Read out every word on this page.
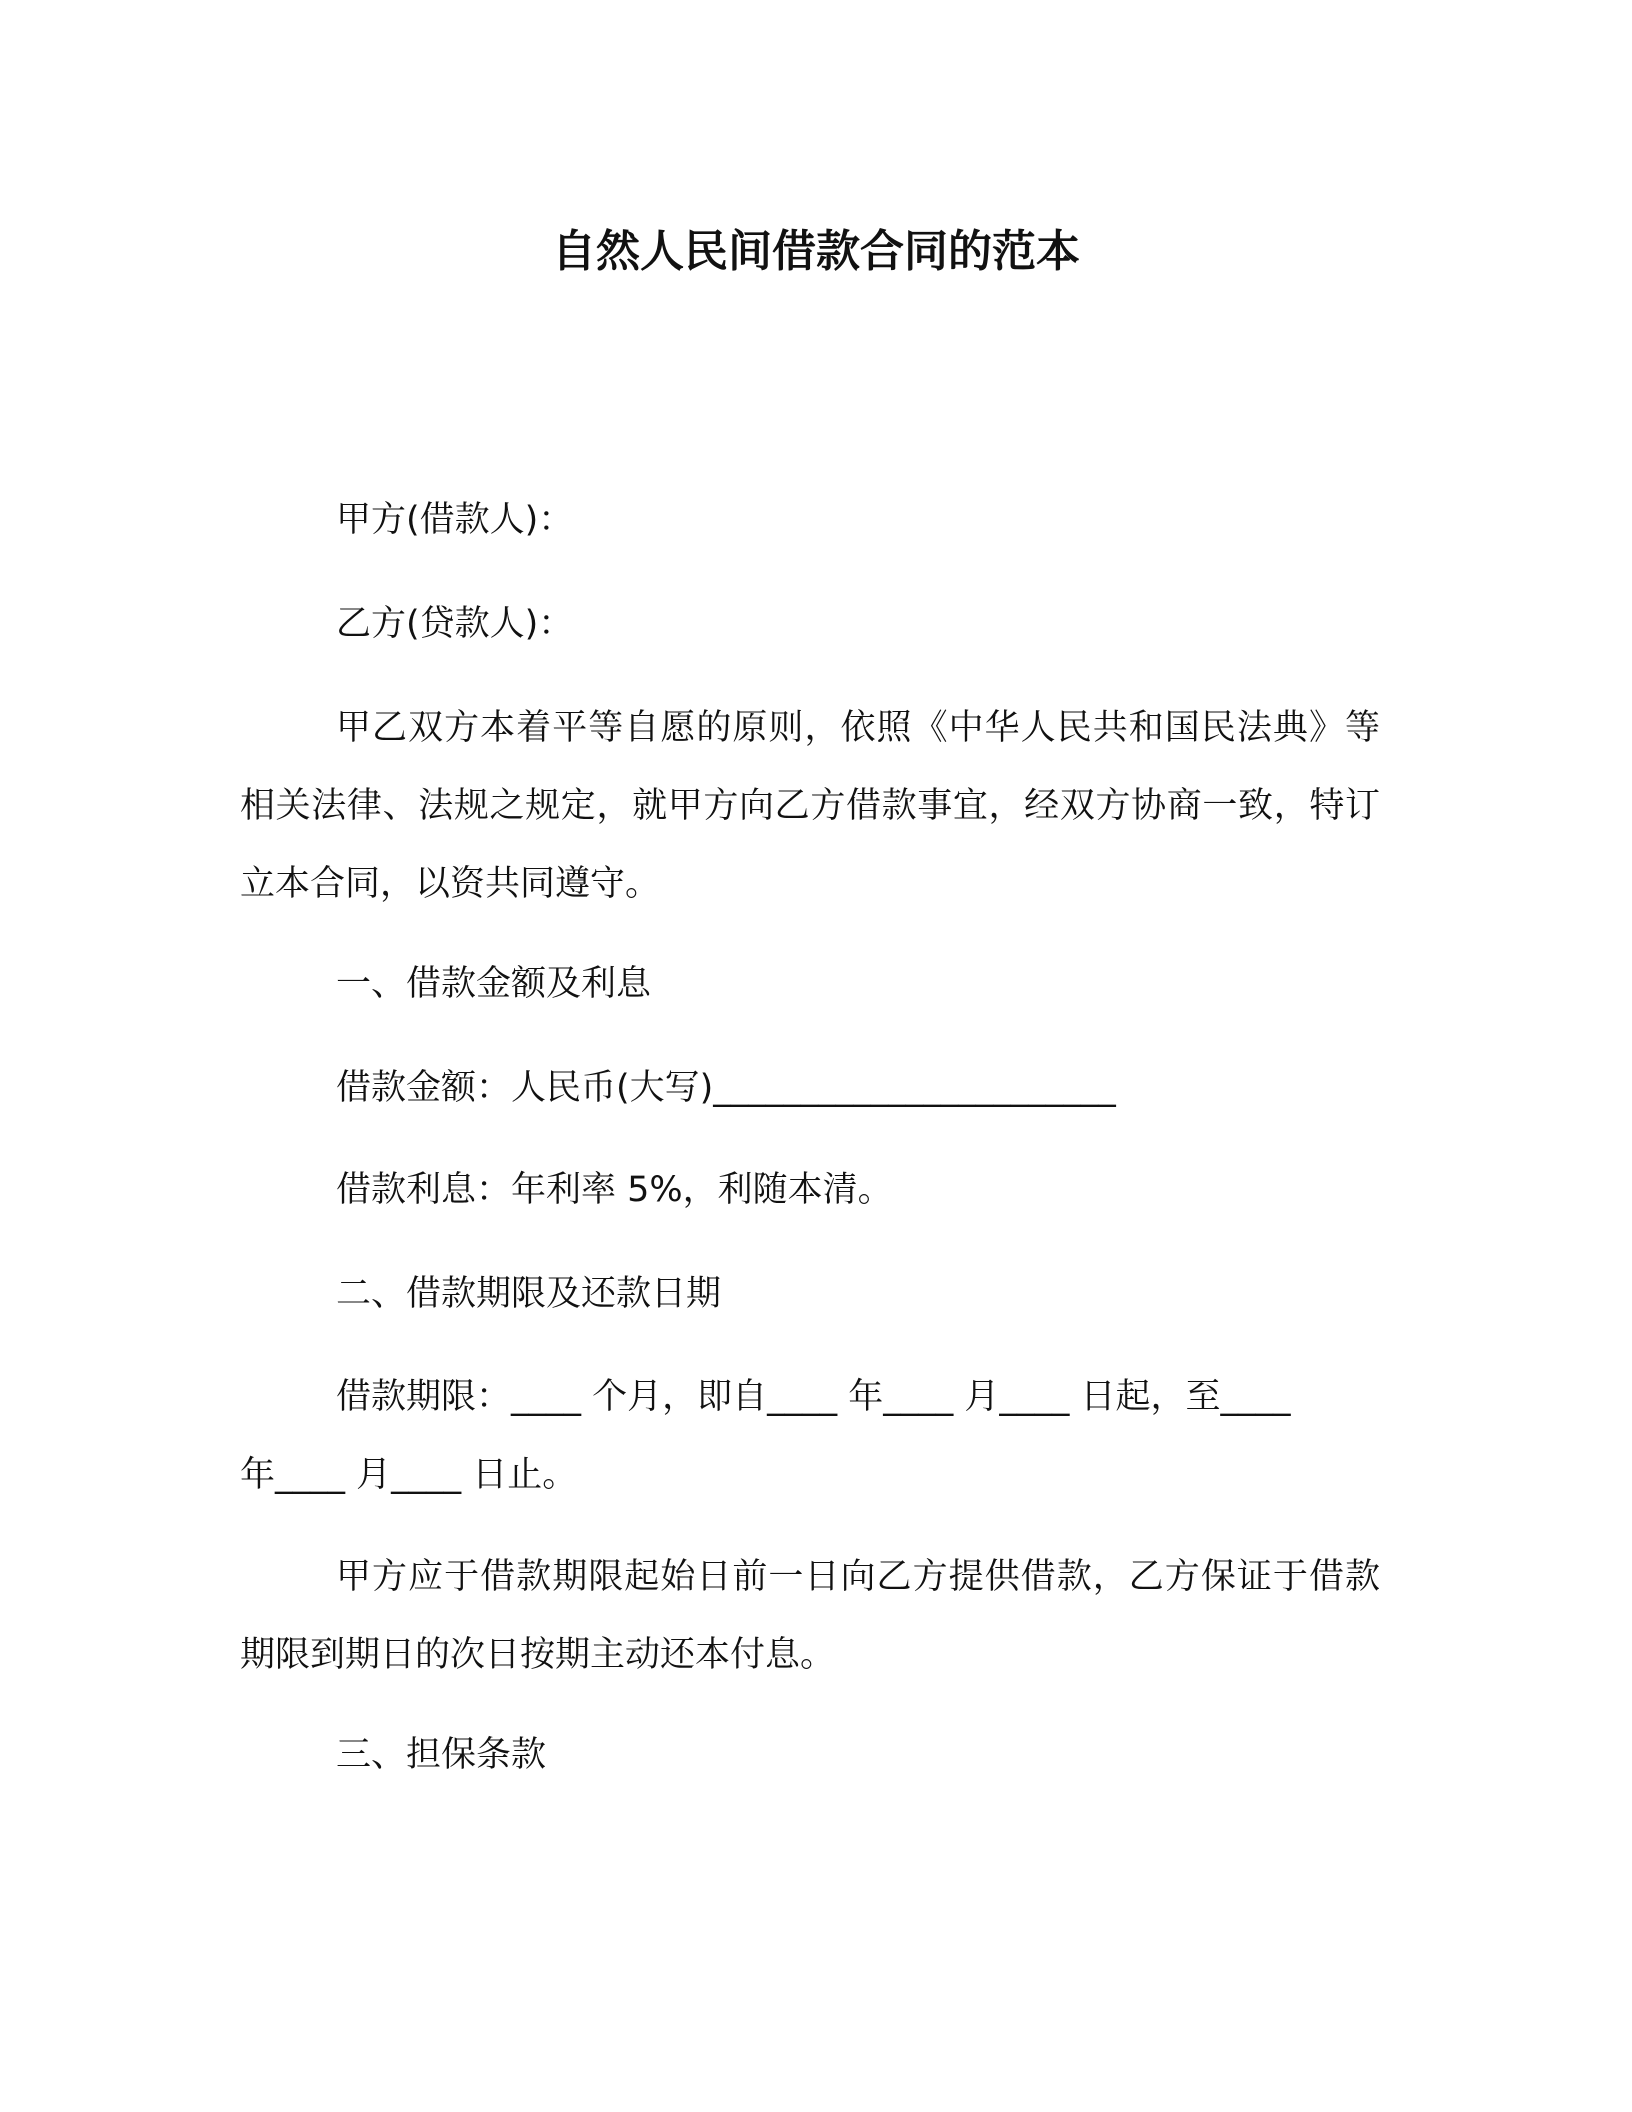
自然人民间借款合同的范本

甲方(借款人)：

乙方(贷款人)：

甲乙双方本着平等自愿的原则，依照《中华人民共和国民法典》等相关法律、法规之规定，就甲方向乙方借款事宜，经双方协商一致，特订立本合同，以资共同遵守。

一、借款金额及利息

借款金额：人民币(大写)_______________________

借款利息：年利率 5%，利随本清。

二、借款期限及还款日期

借款期限：____ 个月，即自____ 年____ 月____ 日起，至____

年____ 月____ 日止。

甲方应于借款期限起始日前一日向乙方提供借款，乙方保证于借款期限到期日的次日按期主动还本付息。

三、担保条款
